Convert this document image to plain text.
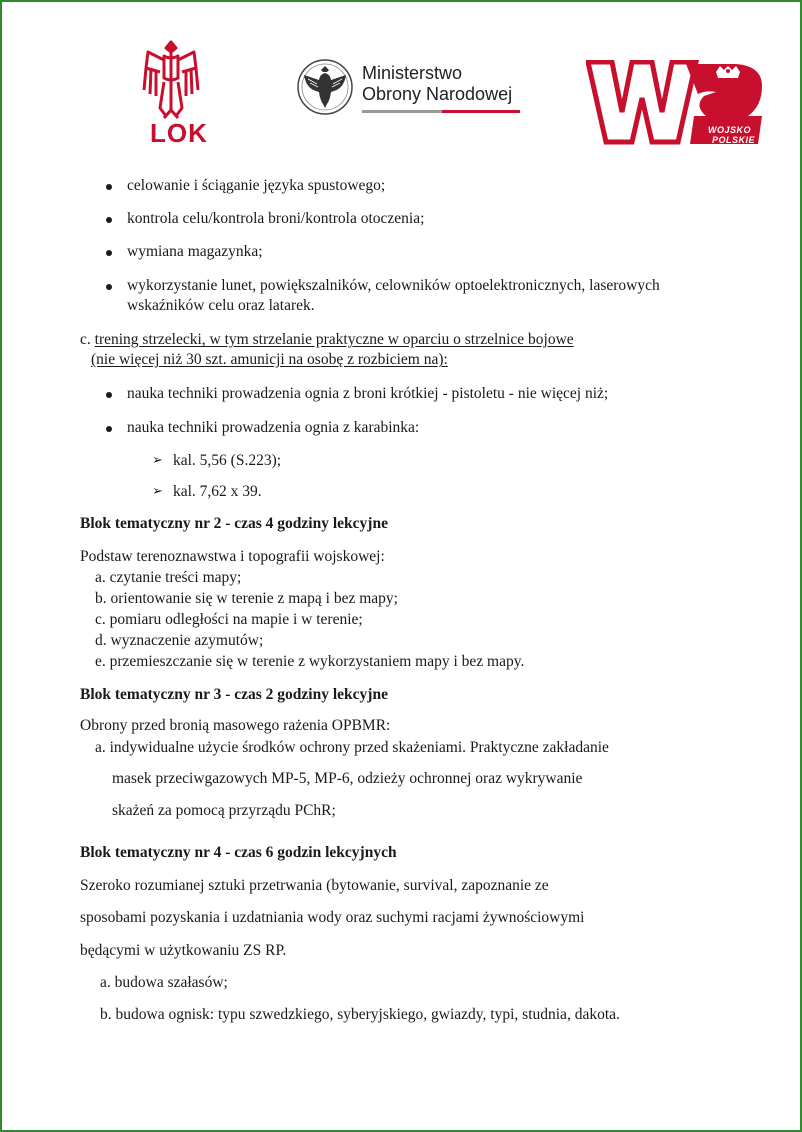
LOK
Ministerstwo
Obrony Narodowej
WOJSKO
POLSKIE
celowanie i ściąganie języka spustowego;
kontrola celu/kontrola broni/kontrola otoczenia;
wymiana magazynka;
wykorzystanie lunet, powiększalników, celowników optoelektronicznych, laserowych
wskaźników celu oraz latarek.
c. trening strzelecki, w tym strzelanie praktyczne w oparciu o strzelnice bojowe
(nie więcej niż 30 szt. amunicji na osobę z rozbiciem na):
nauka techniki prowadzenia ognia z broni krótkiej - pistoletu - nie więcej niż;
nauka techniki prowadzenia ognia z karabinka:
➢ kal. 5,56 (S.223);
➢ kal. 7,62 x 39.
Blok tematyczny nr 2 - czas 4 godziny lekcyjne
Podstaw terenoznawstwa i topografii wojskowej:
a. czytanie treści mapy;
b. orientowanie się w terenie z mapą i bez mapy;
c. pomiaru odległości na mapie i w terenie;
d. wyznaczenie azymutów;
e. przemieszczanie się w terenie z wykorzystaniem mapy i bez mapy.
Blok tematyczny nr 3 - czas 2 godziny lekcyjne
Obrony przed bronią masowego rażenia OPBMR:
a. indywidualne użycie środków ochrony przed skażeniami. Praktyczne zakładanie
masek przeciwgazowych MP-5, MP-6, odzieży ochronnej oraz wykrywanie
skażeń za pomocą przyrządu PChR;
Blok tematyczny nr 4 - czas 6 godzin lekcyjnych
Szeroko rozumianej sztuki przetrwania (bytowanie, survival, zapoznanie ze
sposobami pozyskania i uzdatniania wody oraz suchymi racjami żywnościowymi
będącymi w użytkowaniu ZS RP.
a. budowa szałasów;
b. budowa ognisk: typu szwedzkiego, syberyjskiego, gwiazdy, typi, studnia, dakota.
